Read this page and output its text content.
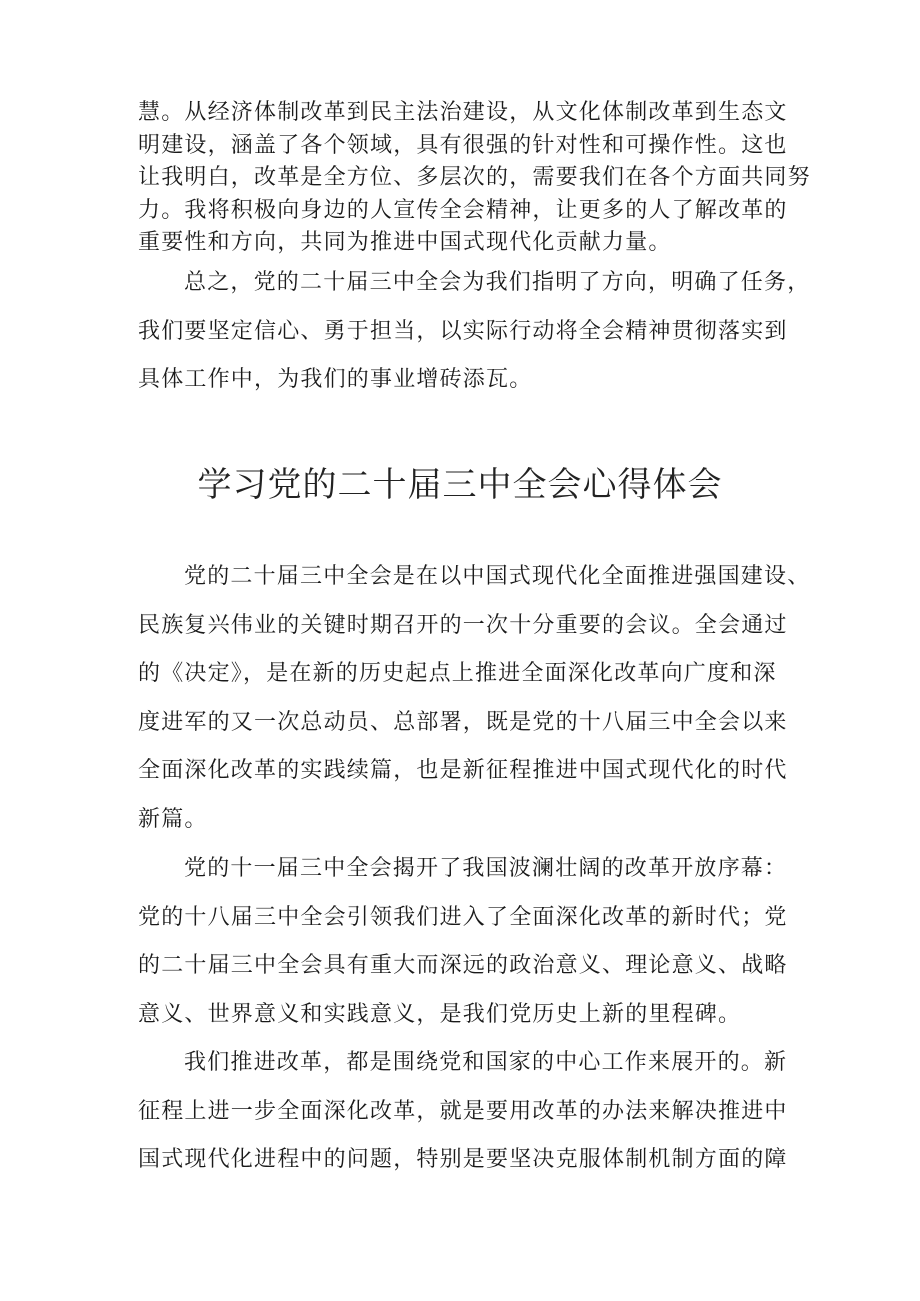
慧。从经济体制改革到民主法治建设，从文化体制改革到生态文
明建设，涵盖了各个领域，具有很强的针对性和可操作性。这也
让我明白，改革是全方位、多层次的，需要我们在各个方面共同努
力。我将积极向身边的人宣传全会精神，让更多的人了解改革的
重要性和方向，共同为推进中国式现代化贡献力量。
总之，党的二十届三中全会为我们指明了方向，明确了任务，
我们要坚定信心、勇于担当，以实际行动将全会精神贯彻落实到
具体工作中，为我们的事业增砖添瓦。
学习党的二十届三中全会心得体会
党的二十届三中全会是在以中国式现代化全面推进强国建设、
民族复兴伟业的关键时期召开的一次十分重要的会议。全会通过
的《决定》，是在新的历史起点上推进全面深化改革向广度和深
度进军的又一次总动员、总部署，既是党的十八届三中全会以来
全面深化改革的实践续篇，也是新征程推进中国式现代化的时代
新篇。
党的十一届三中全会揭开了我国波澜壮阔的改革开放序幕：
党的十八届三中全会引领我们进入了全面深化改革的新时代；党
的二十届三中全会具有重大而深远的政治意义、理论意义、战略
意义、世界意义和实践意义，是我们党历史上新的里程碑。
我们推进改革，都是围绕党和国家的中心工作来展开的。新
征程上进一步全面深化改革，就是要用改革的办法来解决推进中
国式现代化进程中的问题，特别是要坚决克服体制机制方面的障
